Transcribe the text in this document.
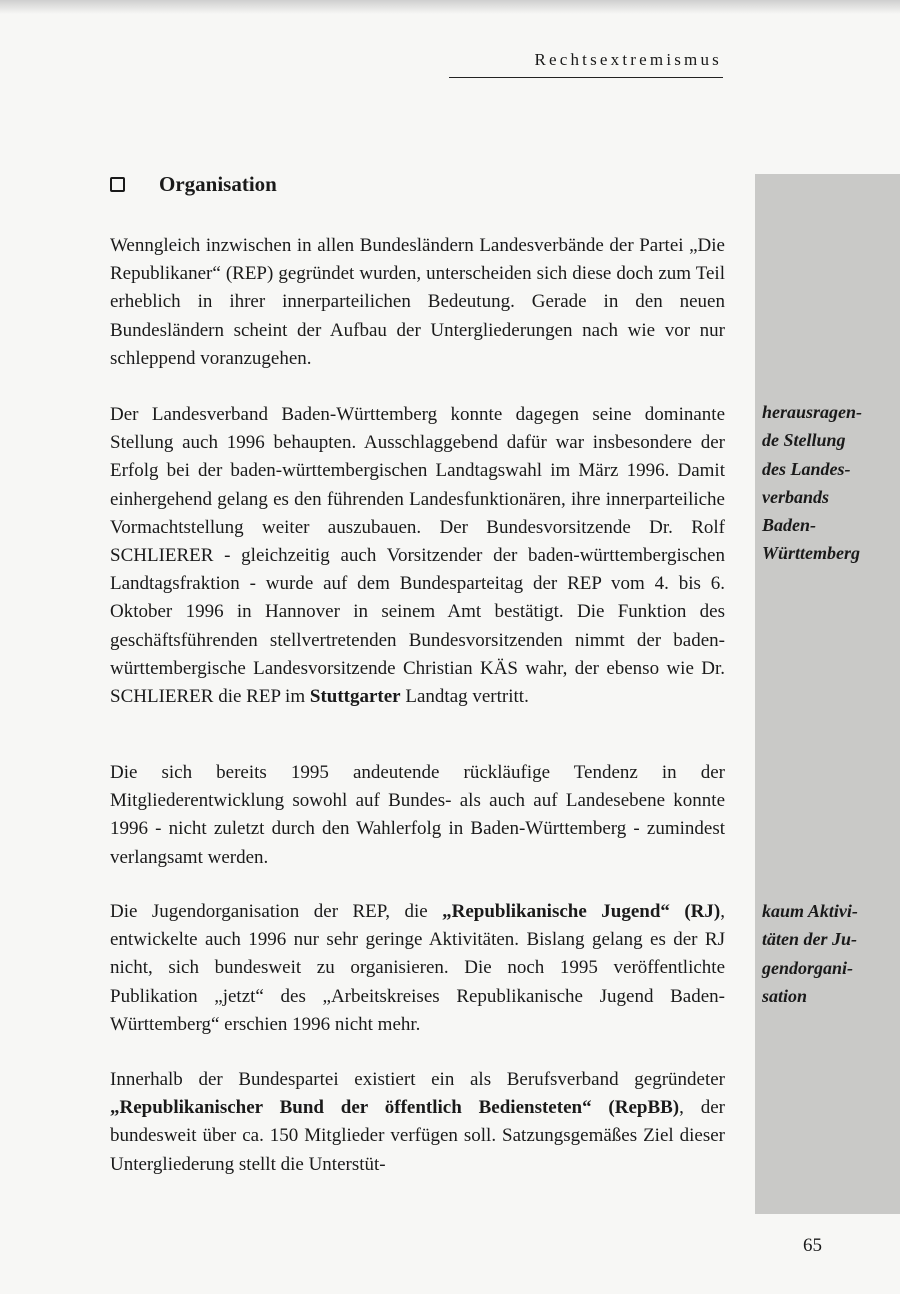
Rechtsextremismus
Organisation

Wenngleich inzwischen in allen Bundesländern Landesverbände der Partei „Die Republikaner“ (REP) gegründet wurden, unterscheiden sich diese doch zum Teil erheblich in ihrer innerparteilichen Bedeutung. Gerade in den neuen Bundesländern scheint der Aufbau der Untergliederungen nach wie vor nur schleppend voranzugehen.

Der Landesverband Baden-Württemberg konnte dagegen seine dominante Stellung auch 1996 behaupten. Ausschlaggebend dafür war insbesondere der Erfolg bei der baden-württembergischen Landtagswahl im März 1996. Damit einhergehend gelang es den führenden Landesfunktionären, ihre innerparteiliche Vormachtstellung weiter auszubauen. Der Bundesvorsitzende Dr. Rolf SCHLIERER - gleichzeitig auch Vorsitzender der baden-württembergischen Landtagsfraktion - wurde auf dem Bundesparteitag der REP vom 4. bis 6. Oktober 1996 in Hannover in seinem Amt bestätigt. Die Funktion des geschäftsführenden stellvertretenden Bundesvorsitzenden nimmt der baden-württembergische Landesvorsitzende Christian KÄS wahr, der ebenso wie Dr. SCHLIERER die REP im Stuttgarter Landtag vertritt.

Die sich bereits 1995 andeutende rückläufige Tendenz in der Mitgliederentwicklung sowohl auf Bundes- als auch auf Landesebene konnte 1996 - nicht zuletzt durch den Wahlerfolg in Baden-Württemberg - zumindest verlangsamt werden.

Die Jugendorganisation der REP, die „Republikanische Jugend“ (RJ), entwickelte auch 1996 nur sehr geringe Aktivitäten. Bislang gelang es der RJ nicht, sich bundesweit zu organisieren. Die noch 1995 veröffentlichte Publikation „jetzt“ des „Arbeitskreises Republikanische Jugend Baden-Württemberg“ erschien 1996 nicht mehr.

Innerhalb der Bundespartei existiert ein als Berufsverband gegründeter „Republikanischer Bund der öffentlich Bediensteten“ (RepBB), der bundesweit über ca. 150 Mitglieder verfügen soll. Satzungsgemäßes Ziel dieser Untergliederung stellt die Unterstüt-

herausragen-
de Stellung
des Landes-
verbands
Baden-
Württemberg

kaum Aktivi-
täten der Ju-
gendorgani-
sation

65
